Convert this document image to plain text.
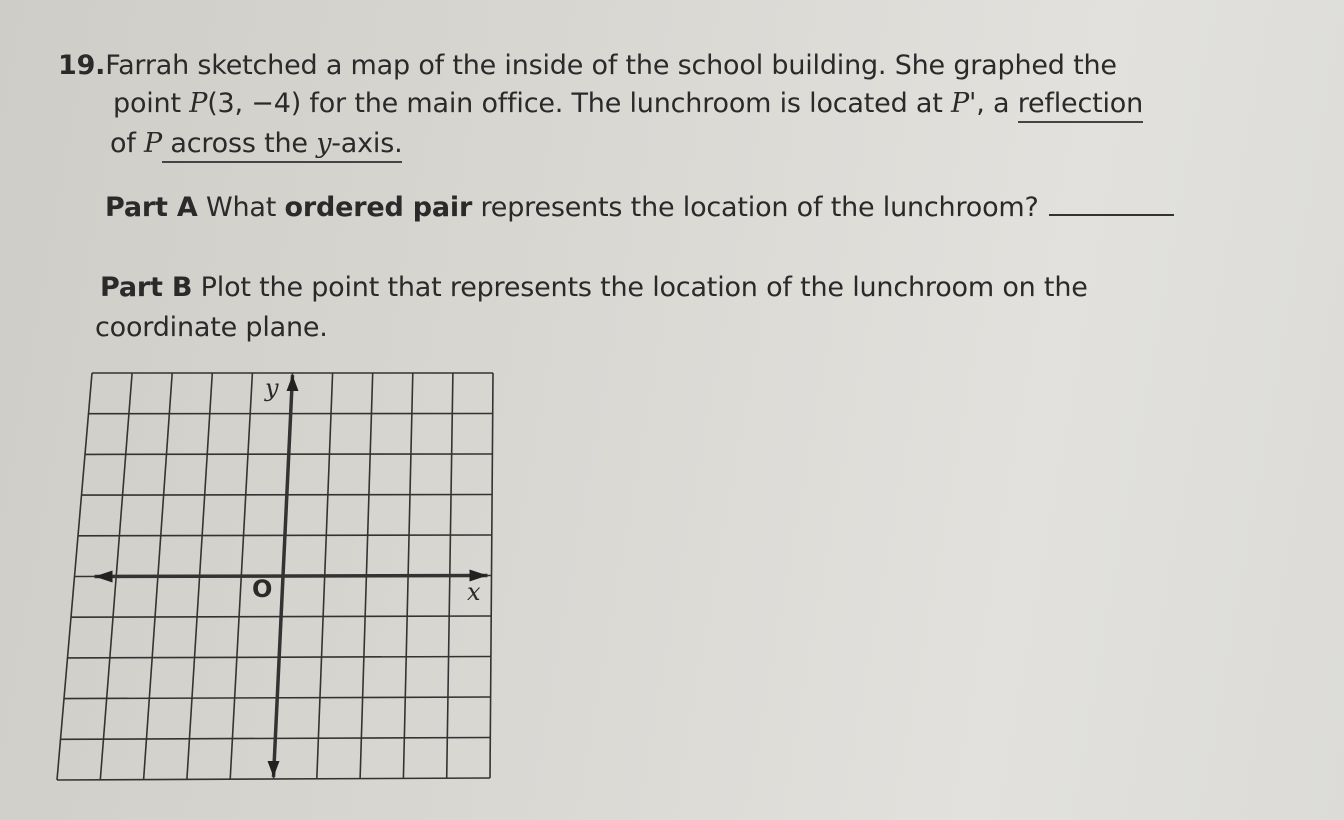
19.Farrah sketched a map of the inside of the school building. She graphed the
point P(3, −4) for the main office. The lunchroom is located at P', a reflection
of P across the y-axis.
Part A What ordered pair represents the location of the lunchroom?
Part B Plot the point that represents the location of the lunchroom on the
coordinate plane.
y
x
O
